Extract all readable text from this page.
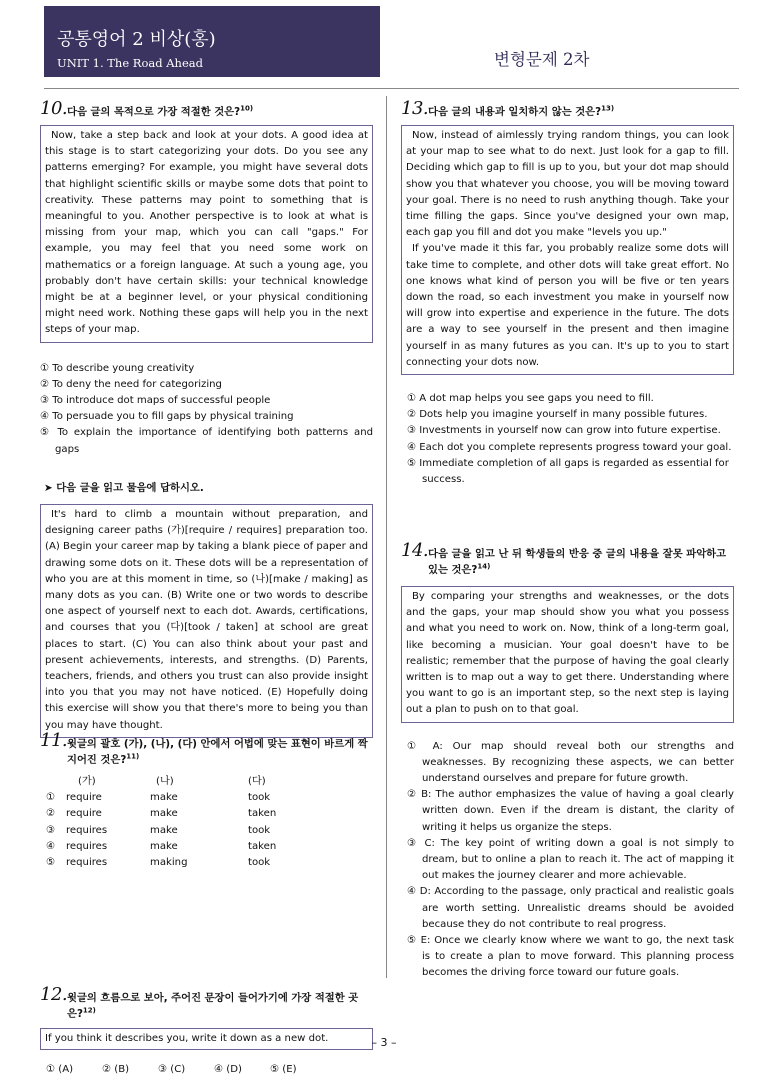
공통영어 2 비상(홍)
UNIT 1. The Road Ahead	변형문제 2차
10. 다음 글의 목적으로 가장 적절한 것은?$^{10)}$
Now, take a step back and look at your dots. A good idea at this stage is to start categorizing your dots. Do you see any patterns emerging? For example, you might have several dots that highlight scientific skills or maybe some dots that point to creativity. These patterns may point to something that is meaningful to you. Another perspective is to look at what is missing from your map, which you can call "gaps." For example, you may feel that you need some work on mathematics or a foreign language. At such a young age, you probably don't have certain skills: your technical knowledge might be at a beginner level, or your physical conditioning might need work. Nothing these gaps will help you in the next steps of your map.
① To describe young creativity
② To deny the need for categorizing
③ To introduce dot maps of successful people
④ To persuade you to fill gaps by physical training
⑤ To explain the importance of identifying both patterns and gaps
➤ 다음 글을 읽고 물음에 답하시오.
It's hard to climb a mountain without preparation, and designing career paths (가)[require / requires] preparation too. (A) Begin your career map by taking a blank piece of paper and drawing some dots on it. These dots will be a representation of who you are at this moment in time, so (나)[make / making] as many dots as you can. (B) Write one or two words to describe one aspect of yourself next to each dot. Awards, certifications, and courses that you (다)[took / taken] at school are great places to start. (C) You can also think about your past and present achievements, interests, and strengths. (D) Parents, teachers, friends, and others you trust can also provide insight into you that you may not have noticed. (E) Hopefully doing this exercise will show you that there's more to being you than you may have thought.
11. 윗글의 괄호 (가), (나), (다) 안에서 어법에 맞는 표현이 바르게 짝지어진 것은?$^{11)}$
(가)	(나)	(다)
①	require	make	took
②	require	make	taken
③	requires	make	took
④	requires	make	taken
⑤	requires	making	took
12. 윗글의 흐름으로 보아, 주어진 문장이 들어가기에 가장 적절한 곳은?$^{12)}$
If you think it describes you, write it down as a new dot.
① (A)	② (B)	③ (C)	④ (D)	⑤ (E)
13. 다음 글의 내용과 일치하지 않는 것은?$^{13)}$
Now, instead of aimlessly trying random things, you can look at your map to see what to do next. Just look for a gap to fill. Deciding which gap to fill is up to you, but your dot map should show you that whatever you choose, you will be moving toward your goal. There is no need to rush anything though. Take your time filling the gaps. Since you've designed your own map, each gap you fill and dot you make "levels you up."
If you've made it this far, you probably realize some dots will take time to complete, and other dots will take great effort. No one knows what kind of person you will be five or ten years down the road, so each investment you make in yourself now will grow into expertise and experience in the future. The dots are a way to see yourself in the present and then imagine yourself in as many futures as you can. It's up to you to start connecting your dots now.
① A dot map helps you see gaps you need to fill.
② Dots help you imagine yourself in many possible futures.
③ Investments in yourself now can grow into future expertise.
④ Each dot you complete represents progress toward your goal.
⑤ Immediate completion of all gaps is regarded as essential for success.
14. 다음 글을 읽고 난 뒤 학생들의 반응 중 글의 내용을 잘못 파악하고 있는 것은?$^{14)}$
By comparing your strengths and weaknesses, or the dots and the gaps, your map should show you what you possess and what you need to work on. Now, think of a long-term goal, like becoming a musician. Your goal doesn't have to be realistic; remember that the purpose of having the goal clearly written is to map out a way to get there. Understanding where you want to go is an important step, so the next step is laying out a plan to push on to that goal.
① A: Our map should reveal both our strengths and weaknesses. By recognizing these aspects, we can better understand ourselves and prepare for future growth.
② B: The author emphasizes the value of having a goal clearly written down. Even if the dream is distant, the clarity of writing it helps us organize the steps.
③ C: The key point of writing down a goal is not simply to dream, but to online a plan to reach it. The act of mapping it out makes the journey clearer and more achievable.
④ D: According to the passage, only practical and realistic goals are worth setting. Unrealistic dreams should be avoided because they do not contribute to real progress.
⑤ E: Once we clearly know where we want to go, the next task is to create a plan to move forward. This planning process becomes the driving force toward our future goals.
– 3 –
